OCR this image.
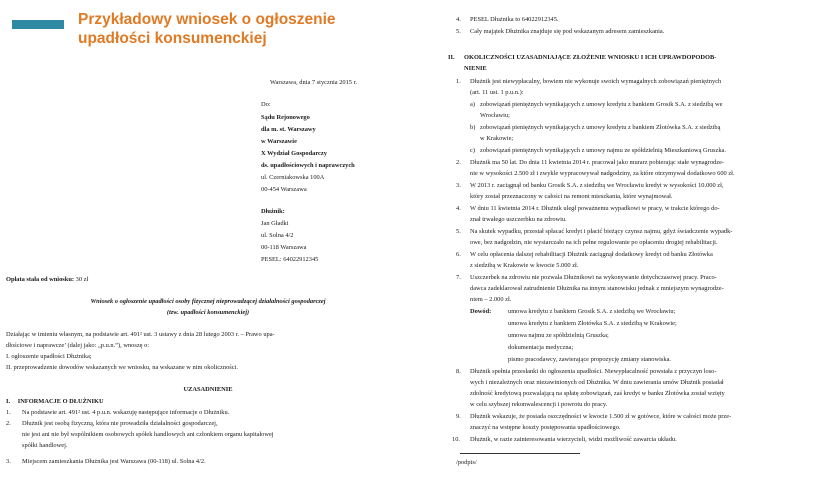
Przykładowy wniosek o ogłoszenie upadłości konsumenckiej
Warszawa, dnia 7 stycznia 2015 r.
Do:
Sądu Rejonowego
dla m. st. Warszawy
w Warszawie
X Wydział Gospodarczy
ds. upadłościowych i naprawczych
ul. Czerniakowska 100A
00-454 Warszawa
Dłużnik:
Jan Gładki
ul. Solna 4/2
00-118 Warszawa
PESEL: 64022912345
Opłata stała od wniosku: 30 zł
Wniosek o ogłoszenie upadłości osoby fizycznej nieprowadzącej działalności gospodarczej
(tzw. upadłości konsumenckiej)
Działając w imieniu własnym, na podstawie art. 491² ust. 3 ustawy z dnia 28 lutego 2003 r. – Prawo upa-
dłościowe i naprawcze’ (dalej jako: „p.u.n.”), wnoszę o:
I. ogłoszenie upadłości Dłużnika;
II. przeprowadzenie dowodów wskazanych we wniosku, na wskazane w nim okoliczności.
UZASADNIENIE
I. INFORMACJE O DŁUŻNIKU
1. Na podstawie art. 491² ust. 4 p.u.n. wskazuję następujące informacje o Dłużniku.
2. Dłużnik jest osobą fizyczną, która nie prowadziła działalności gospodarczej,
nie jest ani nie był wspólnikiem osobowych spółek handlowych ani członkiem organu kapitałowej
spółki handlowej.
3. Miejscem zamieszkania Dłużnika jest Warszawa (00-118) ul. Solna 4/2.
4. PESEL Dłużnika to 64022912345.
5. Cały majątek Dłużnika znajduje się pod wskazanym adresem zamieszkania.
II. OKOLICZNOŚCI UZASADNIAJĄCE ZŁOŻENIE WNIOSKU I ICH UPRAWDOPODOB-
NIENIE
1. Dłużnik jest niewypłacalny, bowiem nie wykonuje swoich wymagalnych zobowiązań pieniężnych
(art. 11 ust. 1 p.u.n.):
a) zobowiązań pieniężnych wynikających z umowy kredytu z bankiem Grosik S.A. z siedzibą we
Wrocławiu;
b) zobowiązań pieniężnych wynikających z umowy kredytu z bankiem Złotówka S.A. z siedzibą
w Krakowie;
c) zobowiązań pieniężnych wynikających z umowy najmu ze spółdzielnią Mieszkaniową Gruszka.
2. Dłużnik ma 50 lat. Do dnia 11 kwietnia 2014 r. pracował jako murarz pobierając stałe wynagrodze-
nie w wysokości 2.500 zł i zwykle wypracowywał nadgodziny, za które otrzymywał dodatkowo 600 zł.
3. W 2013 r. zaciągnął od banku Grosik S.A. z siedzibą we Wrocławiu kredyt w wysokości 10.000 zł,
który został przeznaczony w całości na remont mieszkania, które wynajmował.
4. W dniu 11 kwietnia 2014 r. Dłużnik uległ poważnemu wypadkowi w pracy, w trakcie którego do-
znał trwałego uszczerbku na zdrowiu.
5. Na skutek wypadku, przestał spłacać kredyt i płacić bieżący czynsz najmu, gdyż świadczenie wypadk-
owe, bez nadgodzin, nie wystarczało na ich pełne regulowanie po opłaceniu drogiej rehabilitacji.
6. W celu opłacenia dalszej rehabilitacji Dłużnik zaciągnął dodatkowy kredyt od banku Złotówka
z siedzibą w Krakowie w kwocie 5.000 zł.
7. Uszczerbek na zdrowiu nie pozwala Dłużnikowi na wykonywanie dotychczasowej pracy. Praco-
dawca zadeklarował zatrudnienie Dłużnika na innym stanowisku jednak z mniejszym wynagrodze-
niem – 2.000 zł.
Dowód:	umowa kredytu z bankiem Grosik S.A. z siedzibą we Wrocławiu;
umowa kredytu z bankiem Złotówka S.A. z siedzibą w Krakowie;
umowa najmu ze spółdzielnią Gruszka;
dokumentacja medyczna;
pismo pracodawcy, zawierające propozycję zmiany stanowiska.
8. Dłużnik spełnia przesłanki do ogłoszenia upadłości. Niewypłacalność powstała z przyczyn loso-
wych i niezależnych oraz niezawinionych od Dłużnika. W dniu zawierania umów Dłużnik posiadał
zdolność kredytową pozwalającą na spłatę zobowiązań, zaś kredyt w banku Złotówka został wzięty
w celu szybszej rekonwalescencji i powrotu do pracy.
9. Dłużnik wskazuje, że posiada oszczędności w kwocie 1.500 zł w gotówce, które w całości może prze-
znaczyć na wstępne koszty postępowania upadłościowego.
10. Dłużnik, w razie zainteresowania wierzycieli, widzi możliwość zawarcia układu.
/podpis/
